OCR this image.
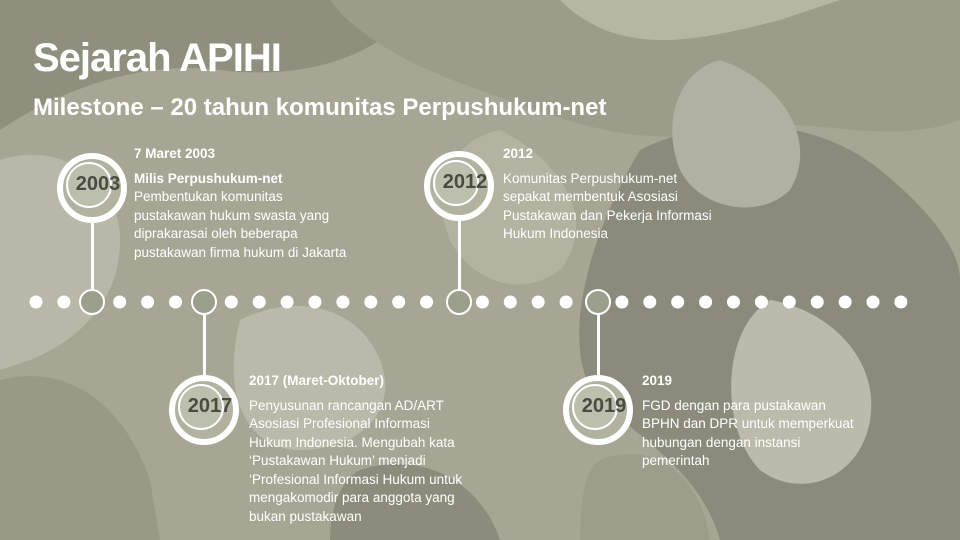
Sejarah APIHI
Milestone – 20 tahun komunitas Perpushukum-net
2003	2012
2017	2019
7 Maret 2003
Milis Perpushukum-net
Pembentukan komunitas
pustakawan hukum swasta yang
diprakarasai oleh beberapa
pustakawan firma hukum di Jakarta
2012
Komunitas Perpushukum-net
sepakat membentuk Asosiasi
Pustakawan dan Pekerja Informasi
Hukum Indonesia
2017 (Maret-Oktober)
Penyusunan rancangan AD/ART
Asosiasi Profesional Informasi
Hukum Indonesia. Mengubah kata
‘Pustakawan Hukum’ menjadi
‘Profesional Informasi Hukum untuk
mengakomodir para anggota yang
bukan pustakawan
2019
FGD dengan para pustakawan
BPHN dan DPR untuk memperkuat
hubungan dengan instansi
pemerintah
